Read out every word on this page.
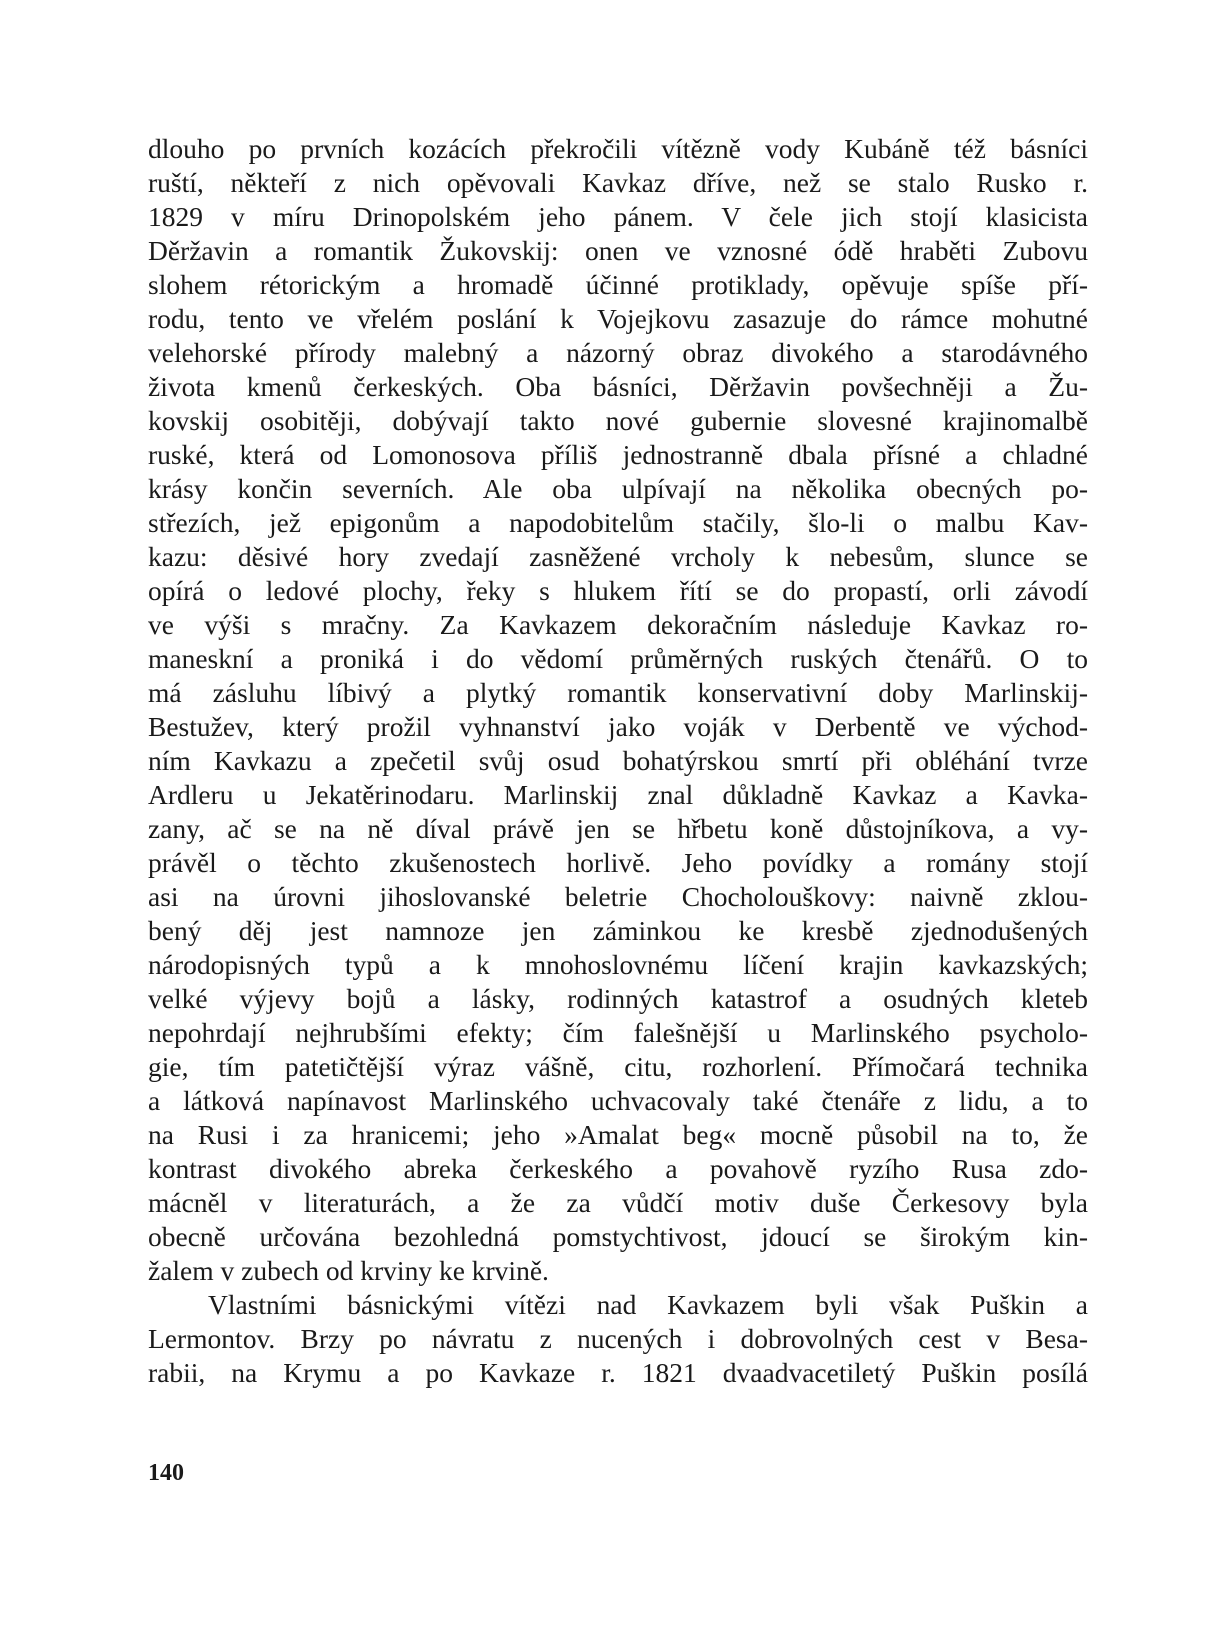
dlouho po prvních kozácích překročili vítězně vody Kubáně též básníci
ruští, někteří z nich opěvovali Kavkaz dříve, než se stalo Rusko r.
1829 v míru Drinopolském jeho pánem. V čele jich stojí klasicista
Děržavin a romantik Žukovskij: onen ve vznosné ódě hraběti Zubovu
slohem rétorickým a hromadě účinné protiklady, opěvuje spíše pří-
rodu, tento ve vřelém poslání k Vojejkovu zasazuje do rámce mohutné
velehorské přírody malebný a názorný obraz divokého a starodávného
života kmenů čerkeských. Oba básníci, Děržavin povšechněji a Žu-
kovskij osobitěji, dobývají takto nové gubernie slovesné krajinomalbě
ruské, která od Lomonosova příliš jednostranně dbala přísné a chladné
krásy končin severních. Ale oba ulpívají na několika obecných po-
střezích, jež epigonům a napodobitelům stačily, šlo-li o malbu Kav-
kazu: děsivé hory zvedají zasněžené vrcholy k nebesům, slunce se
opírá o ledové plochy, řeky s hlukem řítí se do propastí, orli závodí
ve výši s mračny. Za Kavkazem dekoračním následuje Kavkaz ro-
maneskní a proniká i do vědomí průměrných ruských čtenářů. O to
má zásluhu líbivý a plytký romantik konservativní doby Marlinskij-
Bestužev, který prožil vyhnanství jako voják v Derbentě ve východ-
ním Kavkazu a zpečetil svůj osud bohatýrskou smrtí při obléhání tvrze
Ardleru u Jekatěrinodaru. Marlinskij znal důkladně Kavkaz a Kavka-
zany, ač se na ně díval právě jen se hřbetu koně důstojníkova, a vy-
právěl o těchto zkušenostech horlivě. Jeho povídky a romány stojí
asi na úrovni jihoslovanské beletrie Chocholouškovy: naivně zklou-
bený děj jest namnoze jen záminkou ke kresbě zjednodušených
národopisných typů a k mnohoslovnému líčení krajin kavkazských;
velké výjevy bojů a lásky, rodinných katastrof a osudných kleteb
nepohrdají nejhrubšími efekty; čím falešnější u Marlinského psycholo-
gie, tím patetičtější výraz vášně, citu, rozhorlení. Přímočará technika
a látková napínavost Marlinského uchvacovaly také čtenáře z lidu, a to
na Rusi i za hranicemi; jeho »Amalat beg« mocně působil na to, že
kontrast divokého abreka čerkeského a povahově ryzího Rusa zdo-
mácněl v literaturách, a že za vůdčí motiv duše Čerkesovy byla
obecně určována bezohledná pomstychtivost, jdoucí se širokým kin-
žalem v zubech od krviny ke krvině.
Vlastními básnickými vítězi nad Kavkazem byli však Puškin a
Lermontov. Brzy po návratu z nucených i dobrovolných cest v Besa-
rabii, na Krymu a po Kavkaze r. 1821 dvaadvacetiletý Puškin posílá
140
